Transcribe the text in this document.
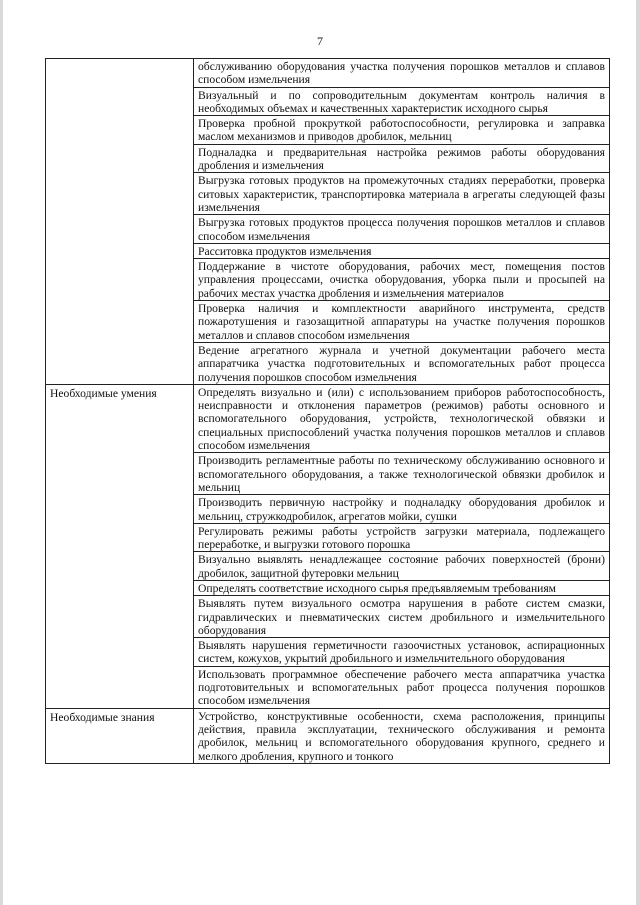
7
	обслуживанию оборудования участка получения порошков металлов и сплавов способом измельчения
	Визуальный и по сопроводительным документам контроль наличия в необходимых объемах и качественных характеристик исходного сырья
	Проверка пробной прокруткой работоспособности, регулировка и заправка маслом механизмов и приводов дробилок, мельниц
	Подналадка и предварительная настройка режимов работы оборудования дробления и измельчения
	Выгрузка готовых продуктов на промежуточных стадиях переработки, проверка ситовых характеристик, транспортировка материала в агрегаты следующей фазы измельчения
	Выгрузка готовых продуктов процесса получения порошков металлов и сплавов способом измельчения
	Расситовка продуктов измельчения
	Поддержание в чистоте оборудования, рабочих мест, помещения постов управления процессами, очистка оборудования, уборка пыли и просыпей на рабочих местах участка дробления и измельчения материалов
	Проверка наличия и комплектности аварийного инструмента, средств пожаротушения и газозащитной аппаратуры на участке получения порошков металлов и сплавов способом измельчения
	Ведение агрегатного журнала и учетной документации рабочего места аппаратчика участка подготовительных и вспомогательных работ процесса получения порошков способом измельчения
Необходимые умения	Определять визуально и (или) с использованием приборов работоспособность, неисправности и отклонения параметров (режимов) работы основного и вспомогательного оборудования, устройств, технологической обвязки и специальных приспособлений участка получения порошков металлов и сплавов способом измельчения
	Производить регламентные работы по техническому обслуживанию основного и вспомогательного оборудования, а также технологической обвязки дробилок и мельниц
	Производить первичную настройку и подналадку оборудования дробилок и мельниц, стружкодробилок, агрегатов мойки, сушки
	Регулировать режимы работы устройств загрузки материала, подлежащего переработке, и выгрузки готового порошка
	Визуально выявлять ненадлежащее состояние рабочих поверхностей (брони) дробилок, защитной футеровки мельниц
	Определять соответствие исходного сырья предъявляемым требованиям
	Выявлять путем визуального осмотра нарушения в работе систем смазки, гидравлических и пневматических систем дробильного и измельчительного оборудования
	Выявлять нарушения герметичности газоочистных установок, аспирационных систем, кожухов, укрытий дробильного и измельчительного оборудования
	Использовать программное обеспечение рабочего места аппаратчика участка подготовительных и вспомогательных работ процесса получения порошков способом измельчения
Необходимые знания	Устройство, конструктивные особенности, схема расположения, принципы действия, правила эксплуатации, технического обслуживания и ремонта дробилок, мельниц и вспомогательного оборудования крупного, среднего и мелкого дробления, крупного и тонкого
